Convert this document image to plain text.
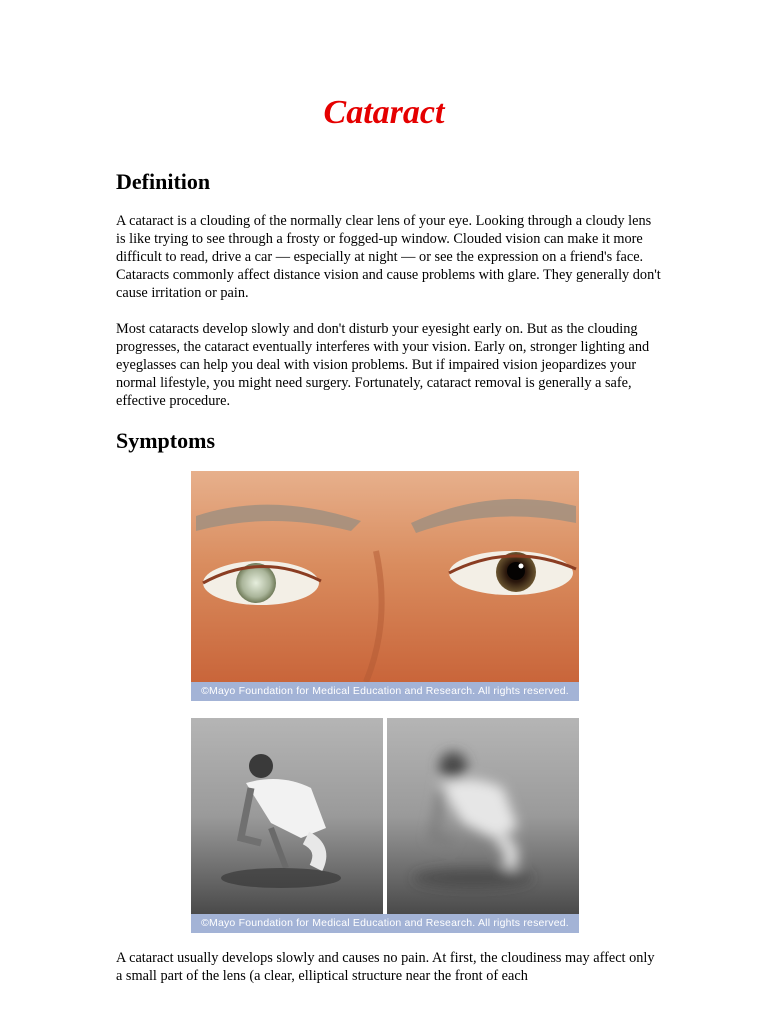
Cataract
Definition

A cataract is a clouding of the normally clear lens of your eye. Looking through a cloudy lens is like trying to see through a frosty or fogged-up window. Clouded vision can make it more difficult to read, drive a car — especially at night — or see the expression on a friend's face. Cataracts commonly affect distance vision and cause problems with glare. They generally don't cause irritation or pain.

Most cataracts develop slowly and don't disturb your eyesight early on. But as the clouding progresses, the cataract eventually interferes with your vision. Early on, stronger lighting and eyeglasses can help you deal with vision problems. But if impaired vision jeopardizes your normal lifestyle, you might need surgery. Fortunately, cataract removal is generally a safe, effective procedure.

Symptoms
©Mayo Foundation for Medical Education and Research. All rights reserved.
©Mayo Foundation for Medical Education and Research. All rights reserved.

A cataract usually develops slowly and causes no pain. At first, the cloudiness may affect only a small part of the lens (a clear, elliptical structure near the front of each
